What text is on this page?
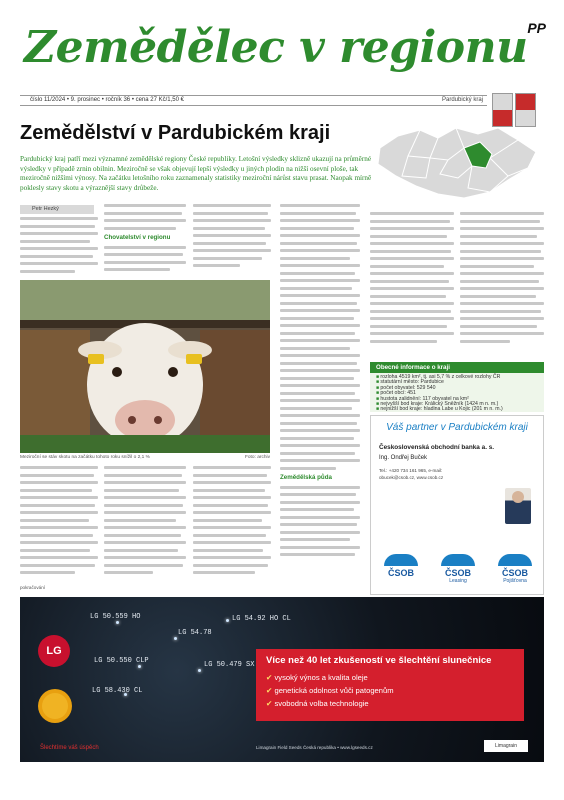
Zemědělec v regionu PP
číslo 11/2024 • 9. prosinec • ročník 36 • cena 27 Kč/1,50 €	Pardubický kraj
Zemědělství v Pardubickém kraji
Pardubický kraj patří mezi významné zemědělské regiony České republiky. Letošní výsledky sklizně ukazují na průměrné výsledky v případě zrnin obilnin. Meziročně se však objevují lepší výsledky u jiných plodin na nižší osevní ploše, tak meziročně nižšími výnosy. Na začátku letošního roku zaznamenaly statistiky meziroční nárůst stavu prasat. Naopak mírně poklesly stavy skotu a výraznější stavy drůbeže.
Petr Hezký
Chovatelství v regionu
Zemědělská půda
Meziroční se stáv skotu na začátku tohoto roku snížil o 2,1 %	Foto: archiv
Obecné informace o kraji
■ rozloha 4519 km², tj. asi 5,7 % z celkové rozlohy ČR
■ statutární město: Pardubice
■ počet obyvatel: 529 540
■ počet obcí: 451
■ hustota zalidnění: 117 obyvatel na km²
■ nejvyšší bod kraje: Králický Sněžník (1424 m n. m.)
■ nejnižší bod kraje: hladina Labe u Kojic (201 m n. m.)
Váš partner v Pardubickém kraji
Československá obchodní banka a. s.
Ing. Ondřej Buček
Tel.: +420 734 161 965, e-mail: obucek@csob.cz, www.csob.cz
ČSOB	ČSOB
Leasing
ČSOB
Pojišťovna
pokračování
LG 50.559 HO
LG 54.78
LG 54.92 HO CL
LG 50.550 CLP	LG 50.479 SX
LG 58.430 CL
LG
Šlechtíme váš úspěch
Více než 40 let zkušeností ve šlechtění slunečnice
✔ vysoký výnos a kvalita oleje
✔ genetická odolnost vůči patogenům
✔ svobodná volba technologie
Limagrain Field Seeds Česká republika • www.lgseeds.cz	Limagrain
